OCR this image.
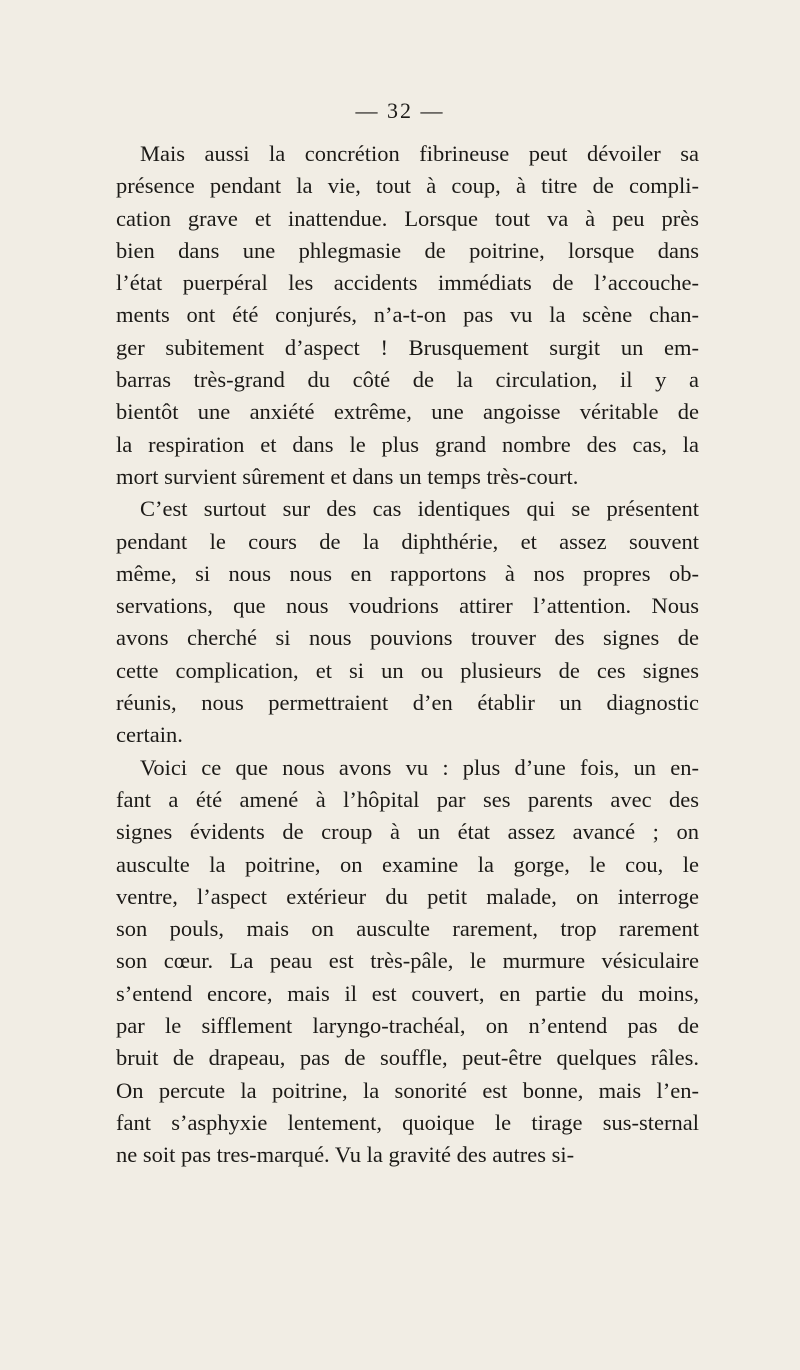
— 32 —
Mais aussi la concrétion fibrineuse peut dévoiler sa
présence pendant la vie, tout à coup, à titre de compli-
cation grave et inattendue. Lorsque tout va à peu près
bien dans une phlegmasie de poitrine, lorsque dans
l’état puerpéral les accidents immédiats de l’accouche-
ments ont été conjurés, n’a-t-on pas vu la scène chan-
ger subitement d’aspect ! Brusquement surgit un em-
barras très-grand du côté de la circulation, il y a
bientôt une anxiété extrême, une angoisse véritable de
la respiration et dans le plus grand nombre des cas, la
mort survient sûrement et dans un temps très-court.
C’est surtout sur des cas identiques qui se présentent
pendant le cours de la diphthérie, et assez souvent
même, si nous nous en rapportons à nos propres ob-
servations, que nous voudrions attirer l’attention. Nous
avons cherché si nous pouvions trouver des signes de
cette complication, et si un ou plusieurs de ces signes
réunis, nous permettraient d’en établir un diagnostic
certain.
Voici ce que nous avons vu : plus d’une fois, un en-
fant a été amené à l’hôpital par ses parents avec des
signes évidents de croup à un état assez avancé ; on
ausculte la poitrine, on examine la gorge, le cou, le
ventre, l’aspect extérieur du petit malade, on interroge
son pouls, mais on ausculte rarement, trop rarement
son cœur. La peau est très-pâle, le murmure vésiculaire
s’entend encore, mais il est couvert, en partie du moins,
par le sifflement laryngo-trachéal, on n’entend pas de
bruit de drapeau, pas de souffle, peut-être quelques râles.
On percute la poitrine, la sonorité est bonne, mais l’en-
fant s’asphyxie lentement, quoique le tirage sus-sternal
ne soit pas tres-marqué. Vu la gravité des autres si-
